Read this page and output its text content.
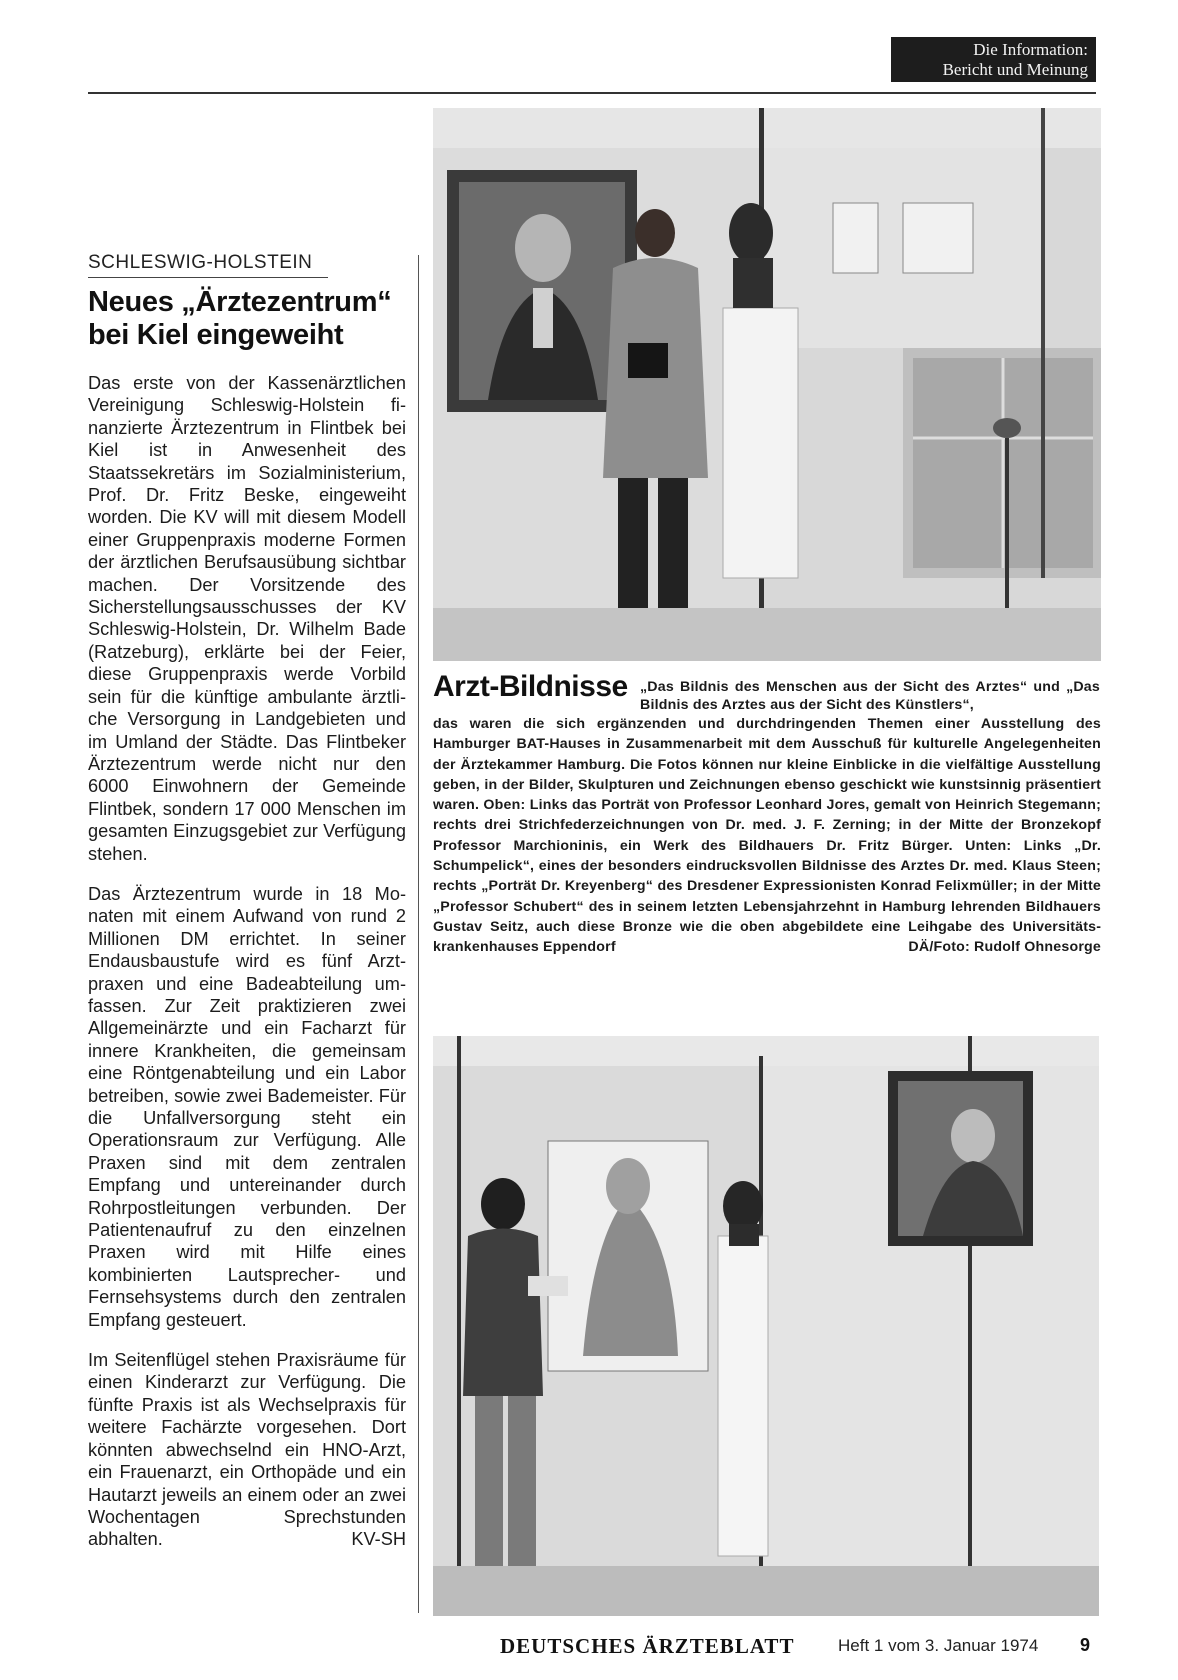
Die Information:
Bericht und Meinung
SCHLESWIG-HOLSTEIN
Neues „Ärztezentrum“
bei Kiel eingeweiht

Das erste von der Kassenärztlichen Vereinigung Schleswig-Holstein finanzierte Ärztezentrum in Flintbek bei Kiel ist in Anwesenheit des Staatssekretärs im Sozialministerium, Prof. Dr. Fritz Beske, eingeweiht worden. Die KV will mit diesem Modell einer Gruppenpraxis moderne Formen der ärztlichen Berufsausübung sichtbar machen. Der Vorsitzende des Sicherstellungsausschusses der KV Schleswig-Holstein, Dr. Wilhelm Bade (Ratzeburg), erklärte bei der Feier, diese Gruppenpraxis werde Vorbild sein für die künftige ambulante ärztliche Versorgung in Landgebieten und im Umland der Städte. Das Flintbeker Ärztezentrum werde nicht nur den 6000 Einwohnern der Gemeinde Flintbek, sondern 17 000 Menschen im gesamten Einzugsgebiet zur Verfügung stehen.

Das Ärztezentrum wurde in 18 Monaten mit einem Aufwand von rund 2 Millionen DM errichtet. In seiner Endausbaustufe wird es fünf Arztpraxen und eine Badeabteilung umfassen. Zur Zeit praktizieren zwei Allgemeinärzte und ein Facharzt für innere Krankheiten, die gemeinsam eine Röntgenabteilung und ein Labor betreiben, sowie zwei Bademeister. Für die Unfallversorgung steht ein Operationsraum zur Verfügung. Alle Praxen sind mit dem zentralen Empfang und untereinander durch Rohrpostleitungen verbunden. Der Patientenaufruf zu den einzelnen Praxen wird mit Hilfe eines kombinierten Lautsprecher- und Fernsehsystems durch den zentralen Empfang gesteuert.

Im Seitenflügel stehen Praxisräume für einen Kinderarzt zur Verfügung. Die fünfte Praxis ist als Wechselpraxis für weitere Fachärzte vorgesehen. Dort könnten abwechselnd ein HNO-Arzt, ein Frauenarzt, ein Orthopäde und ein Hautarzt jeweils an einem oder an zwei Wochentagen Sprechstunden abhalten.	KV-SH

Arzt-Bildnisse „Das Bildnis des Menschen aus der Sicht des Arztes“ und „Das Bildnis des Arztes aus der Sicht des Künstlers“,
das waren die sich ergänzenden und durchdringenden Themen einer Ausstellung des Hamburger BAT-Hauses in Zusammenarbeit mit dem Ausschuß für kulturelle Angelegenheiten der Ärztekammer Hamburg. Die Fotos können nur kleine Einblicke in die vielfältige Ausstellung geben, in der Bilder, Skulpturen und Zeichnungen ebenso geschickt wie kunstsinnig präsentiert waren. Oben: Links das Porträt von Professor Leonhard Jores, gemalt von Heinrich Stegemann; rechts drei Strichfederzeichnungen von Dr. med. J. F. Zerning; in der Mitte der Bronzekopf Professor Marchioninis, ein Werk des Bildhauers Dr. Fritz Bürger. Unten: Links „Dr. Schumpelick“, eines der besonders eindrucksvollen Bildnisse des Arztes Dr. med. Klaus Steen; rechts „Porträt Dr. Kreyenberg“ des Dresdener Expressionisten Konrad Felixmüller; in der Mitte „Professor Schubert“ des in seinem letzten Lebensjahrzehnt in Hamburg lehrenden Bildhauers Gustav Seitz, auch diese Bronze wie die oben abgebildete eine Leihgabe des Universitätskrankenhauses Eppendorf	DÄ/Foto: Rudolf Ohnesorge
DEUTSCHES ÄRZTEBLATT	Heft 1 vom 3. Januar 1974 9
